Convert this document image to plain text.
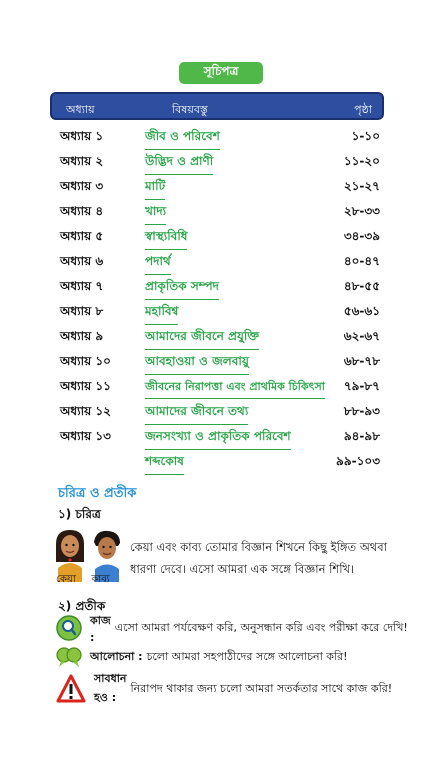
সূচিপত্র
অধ্যায়	বিষয়বস্তু	পৃষ্ঠা
অধ্যায় ১	জীব ও পরিবেশ	১-১০
অধ্যায় ২	উদ্ভিদ ও প্রাণী	১১-২০
অধ্যায় ৩	মাটি	২১-২৭
অধ্যায় ৪	খাদ্য	২৮-৩৩
অধ্যায় ৫	স্বাস্থ্যবিধি	৩৪-৩৯
অধ্যায় ৬	পদার্থ	৪০-৪৭
অধ্যায় ৭	প্রাকৃতিক সম্পদ	৪৮-৫৫
অধ্যায় ৮	মহাবিশ্ব	৫৬-৬১
অধ্যায় ৯	আমাদের জীবনে প্রযুক্তি	৬২-৬৭
অধ্যায় ১০	আবহাওয়া ও জলবায়ু	৬৮-৭৮
অধ্যায় ১১	জীবনের নিরাপত্তা এবং প্রাথমিক চিকিৎসা ৭৯-৮৭
অধ্যায় ১২	আমাদের জীবনে তথ্য	৮৮-৯৩
অধ্যায় ১৩	জনসংখ্যা ও প্রাকৃতিক পরিবেশ	৯৪-৯৮
শব্দকোষ	৯৯-১০৩
চরিত্র ও প্রতীক
১) চরিত্র
কেয়া কাব্য
কেয়া এবং কাব্য তোমার বিজ্ঞান শিখনে কিছু ইঙ্গিত অথবা ধারণা দেবে। এসো আমরা এক সঙ্গে বিজ্ঞান শিখি।
২) প্রতীক
কাজ :
এসো আমরা পর্যবেক্ষণ করি, অনুসন্ধান করি এবং পরীক্ষা করে দেখি!
আলোচনা : চলো আমরা সহপাঠীদের সঙ্গে আলোচনা করি!
সাবধান হও :
নিরাপদ থাকার জন্য চলো আমরা সতর্কতার সাথে কাজ করি!
